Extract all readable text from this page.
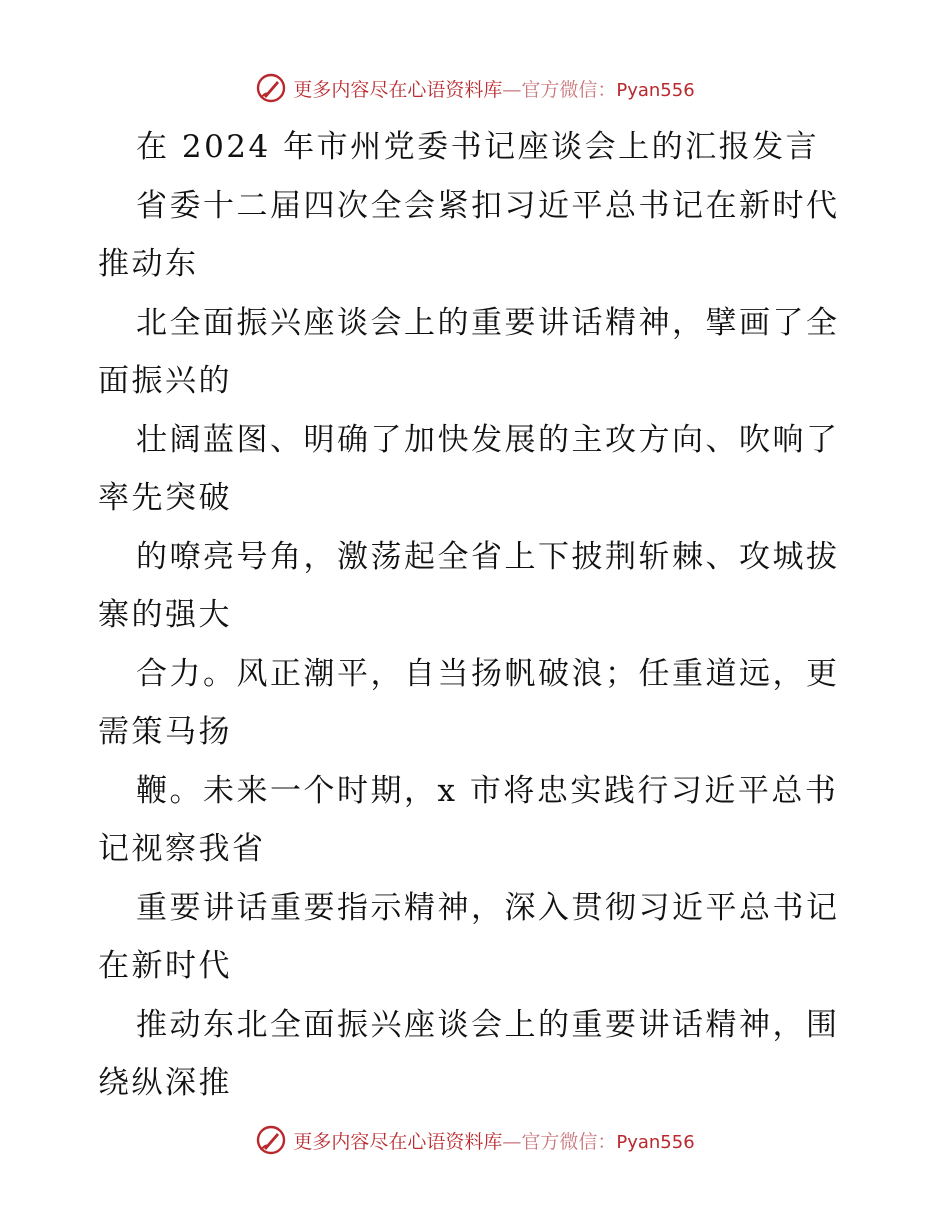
更多内容尽在心语资料库—官方微信：Pyan556
在 2024 年市州党委书记座谈会上的汇报发言
省委十二届四次全会紧扣习近平总书记在新时代
推动东
北全面振兴座谈会上的重要讲话精神，擘画了全
面振兴的
壮阔蓝图、明确了加快发展的主攻方向、吹响了
率先突破
的嘹亮号角，激荡起全省上下披荆斩棘、攻城拔
寨的强大
合力。风正潮平，自当扬帆破浪；任重道远，更
需策马扬
鞭。未来一个时期，x 市将忠实践行习近平总书
记视察我省
重要讲话重要指示精神，深入贯彻习近平总书记
在新时代
推动东北全面振兴座谈会上的重要讲话精神，围
绕纵深推
更多内容尽在心语资料库—官方微信：Pyan556
